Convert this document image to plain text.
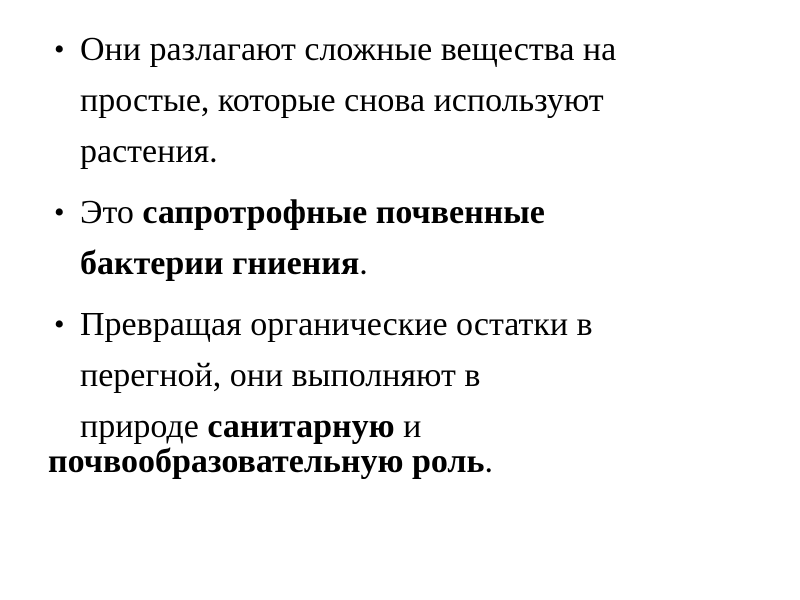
• Они разлагают сложные вещества на
простые, которые снова используют
растения.
• Это сапротрофные почвенные
бактерии гниения.
• Превращая органические остатки в
перегной, они выполняют в
природе санитарную и
почвообразовательную роль.
